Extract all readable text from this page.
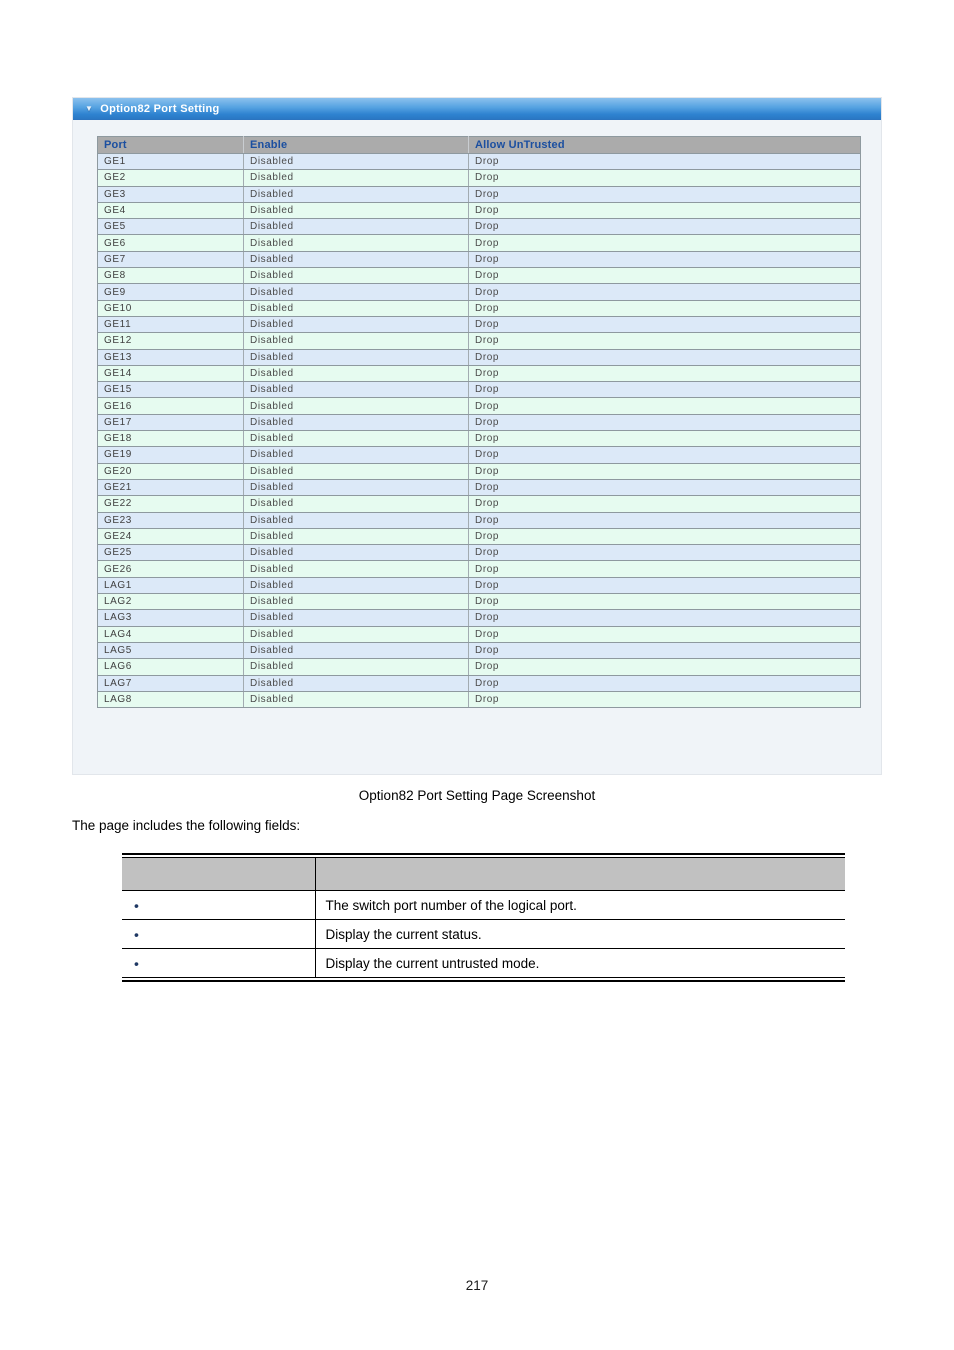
▼ Option82 Port Setting
Port	Enable	Allow UnTrusted
GE1	Disabled	Drop
GE2	Disabled	Drop
GE3	Disabled	Drop
GE4	Disabled	Drop
GE5	Disabled	Drop
GE6	Disabled	Drop
GE7	Disabled	Drop
GE8	Disabled	Drop
GE9	Disabled	Drop
GE10	Disabled	Drop
GE11	Disabled	Drop
GE12	Disabled	Drop
GE13	Disabled	Drop
GE14	Disabled	Drop
GE15	Disabled	Drop
GE16	Disabled	Drop
GE17	Disabled	Drop
GE18	Disabled	Drop
GE19	Disabled	Drop
GE20	Disabled	Drop
GE21	Disabled	Drop
GE22	Disabled	Drop
GE23	Disabled	Drop
GE24	Disabled	Drop
GE25	Disabled	Drop
GE26	Disabled	Drop
LAG1	Disabled	Drop
LAG2	Disabled	Drop
LAG3	Disabled	Drop
LAG4	Disabled	Drop
LAG5	Disabled	Drop
LAG6	Disabled	Drop
LAG7	Disabled	Drop
LAG8	Disabled	Drop
Option82 Port Setting Page Screenshot
The page includes the following fields:

•	The switch port number of the logical port.
•	Display the current status.
•	Display the current untrusted mode.
217
